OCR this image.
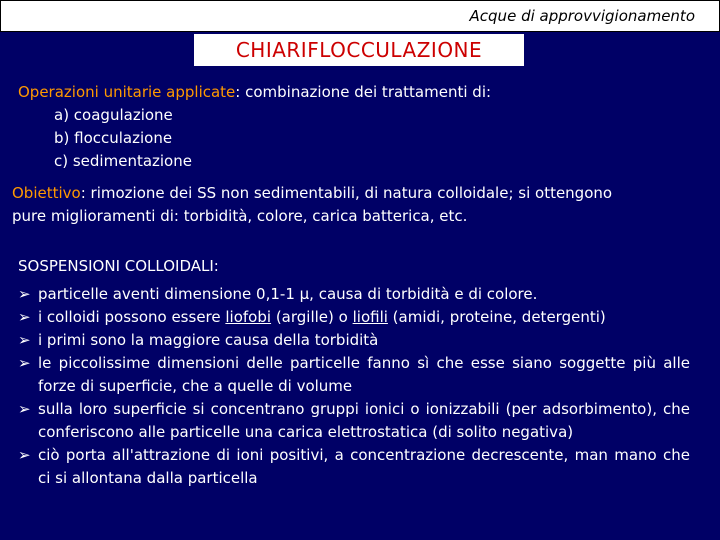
Acque di approvvigionamento
CHIARIFLOCCULAZIONE
Operazioni unitarie applicate: combinazione dei trattamenti di:
a) coagulazione
b) flocculazione
c) sedimentazione
Obiettivo: rimozione dei SS non sedimentabili, di natura colloidale; si ottengono
pure miglioramenti di: torbidità, colore, carica batterica, etc.
SOSPENSIONI COLLOIDALI:
➢ particelle aventi dimensione 0,1-1 μ, causa di torbidità e di colore.
➢ i colloidi possono essere liofobi (argille) o liofili (amidi, proteine, detergenti)
➢ i primi sono la maggiore causa della torbidità
➢ le piccolissime dimensioni delle particelle fanno sì che esse siano soggette più alle forze di superficie, che a quelle di volume
➢ sulla loro superficie si concentrano gruppi ionici o ionizzabili (per adsorbimento), che conferiscono alle particelle una carica elettrostatica (di solito negativa)
➢ ciò porta all'attrazione di ioni positivi, a concentrazione decrescente, man mano che ci si allontana dalla particella
